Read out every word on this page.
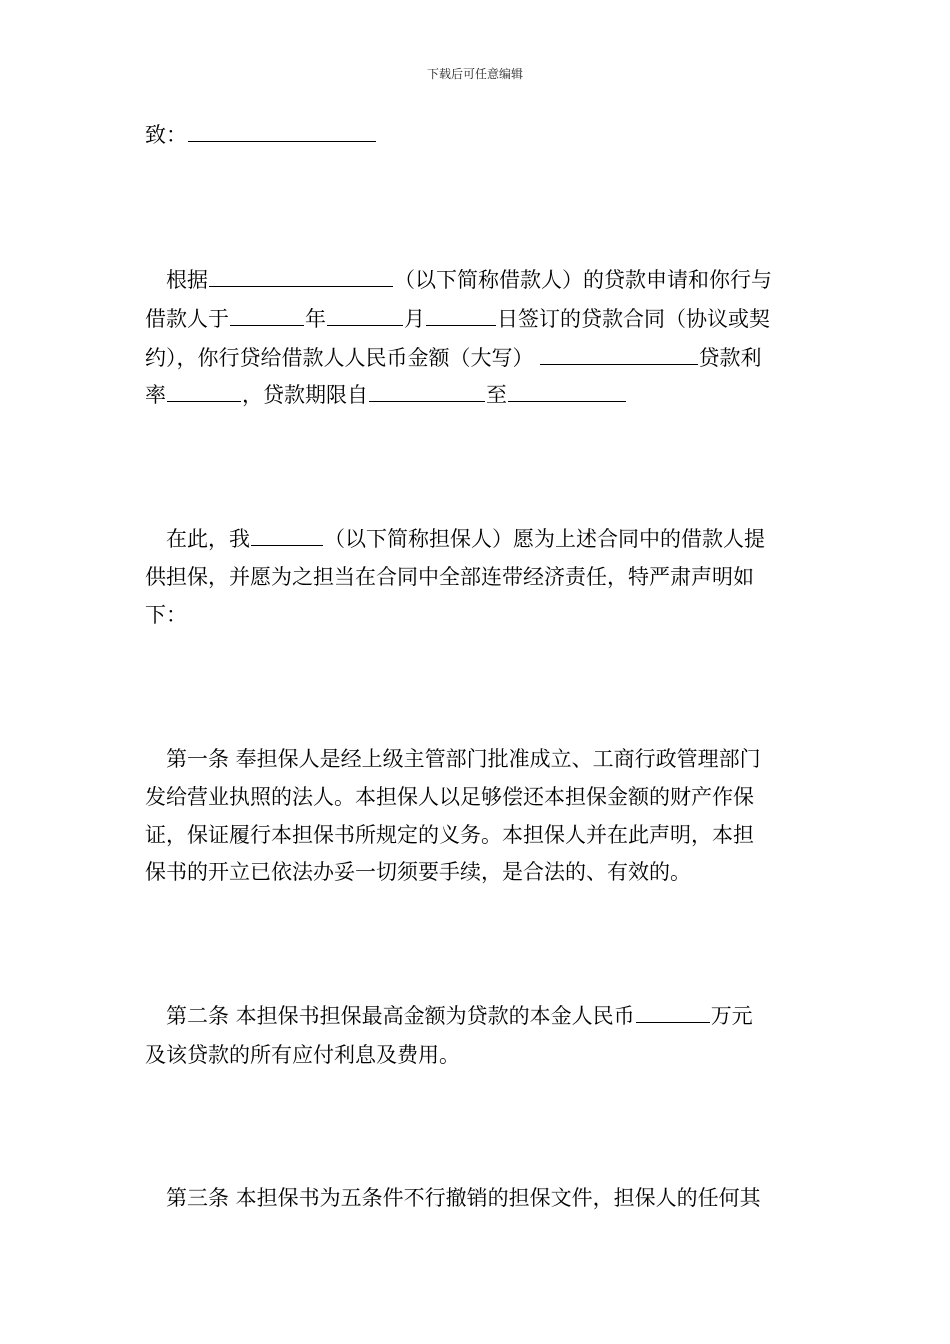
下载后可任意编辑
致：
根据	（以下简称借款人）的贷款申请和你行与
借款人于	年	月	日签订的贷款合同（协议或契
约），你行贷给借款人人民币金额（大写）	贷款利
率	，贷款期限自	至
在此，我	（以下简称担保人）愿为上述合同中的借款人提
供担保，并愿为之担当在合同中全部连带经济责任，特严肃声明如
下：
第一条 奉担保人是经上级主管部门批准成立、工商行政管理部门
发给营业执照的法人。本担保人以足够偿还本担保金额的财产作保
证，保证履行本担保书所规定的义务。本担保人并在此声明，本担
保书的开立已依法办妥一切须要手续，是合法的、有效的。
第二条 本担保书担保最高金额为贷款的本金人民币	万元
及该贷款的所有应付利息及费用。
第三条 本担保书为五条件不行撤销的担保文件，担保人的任何其
